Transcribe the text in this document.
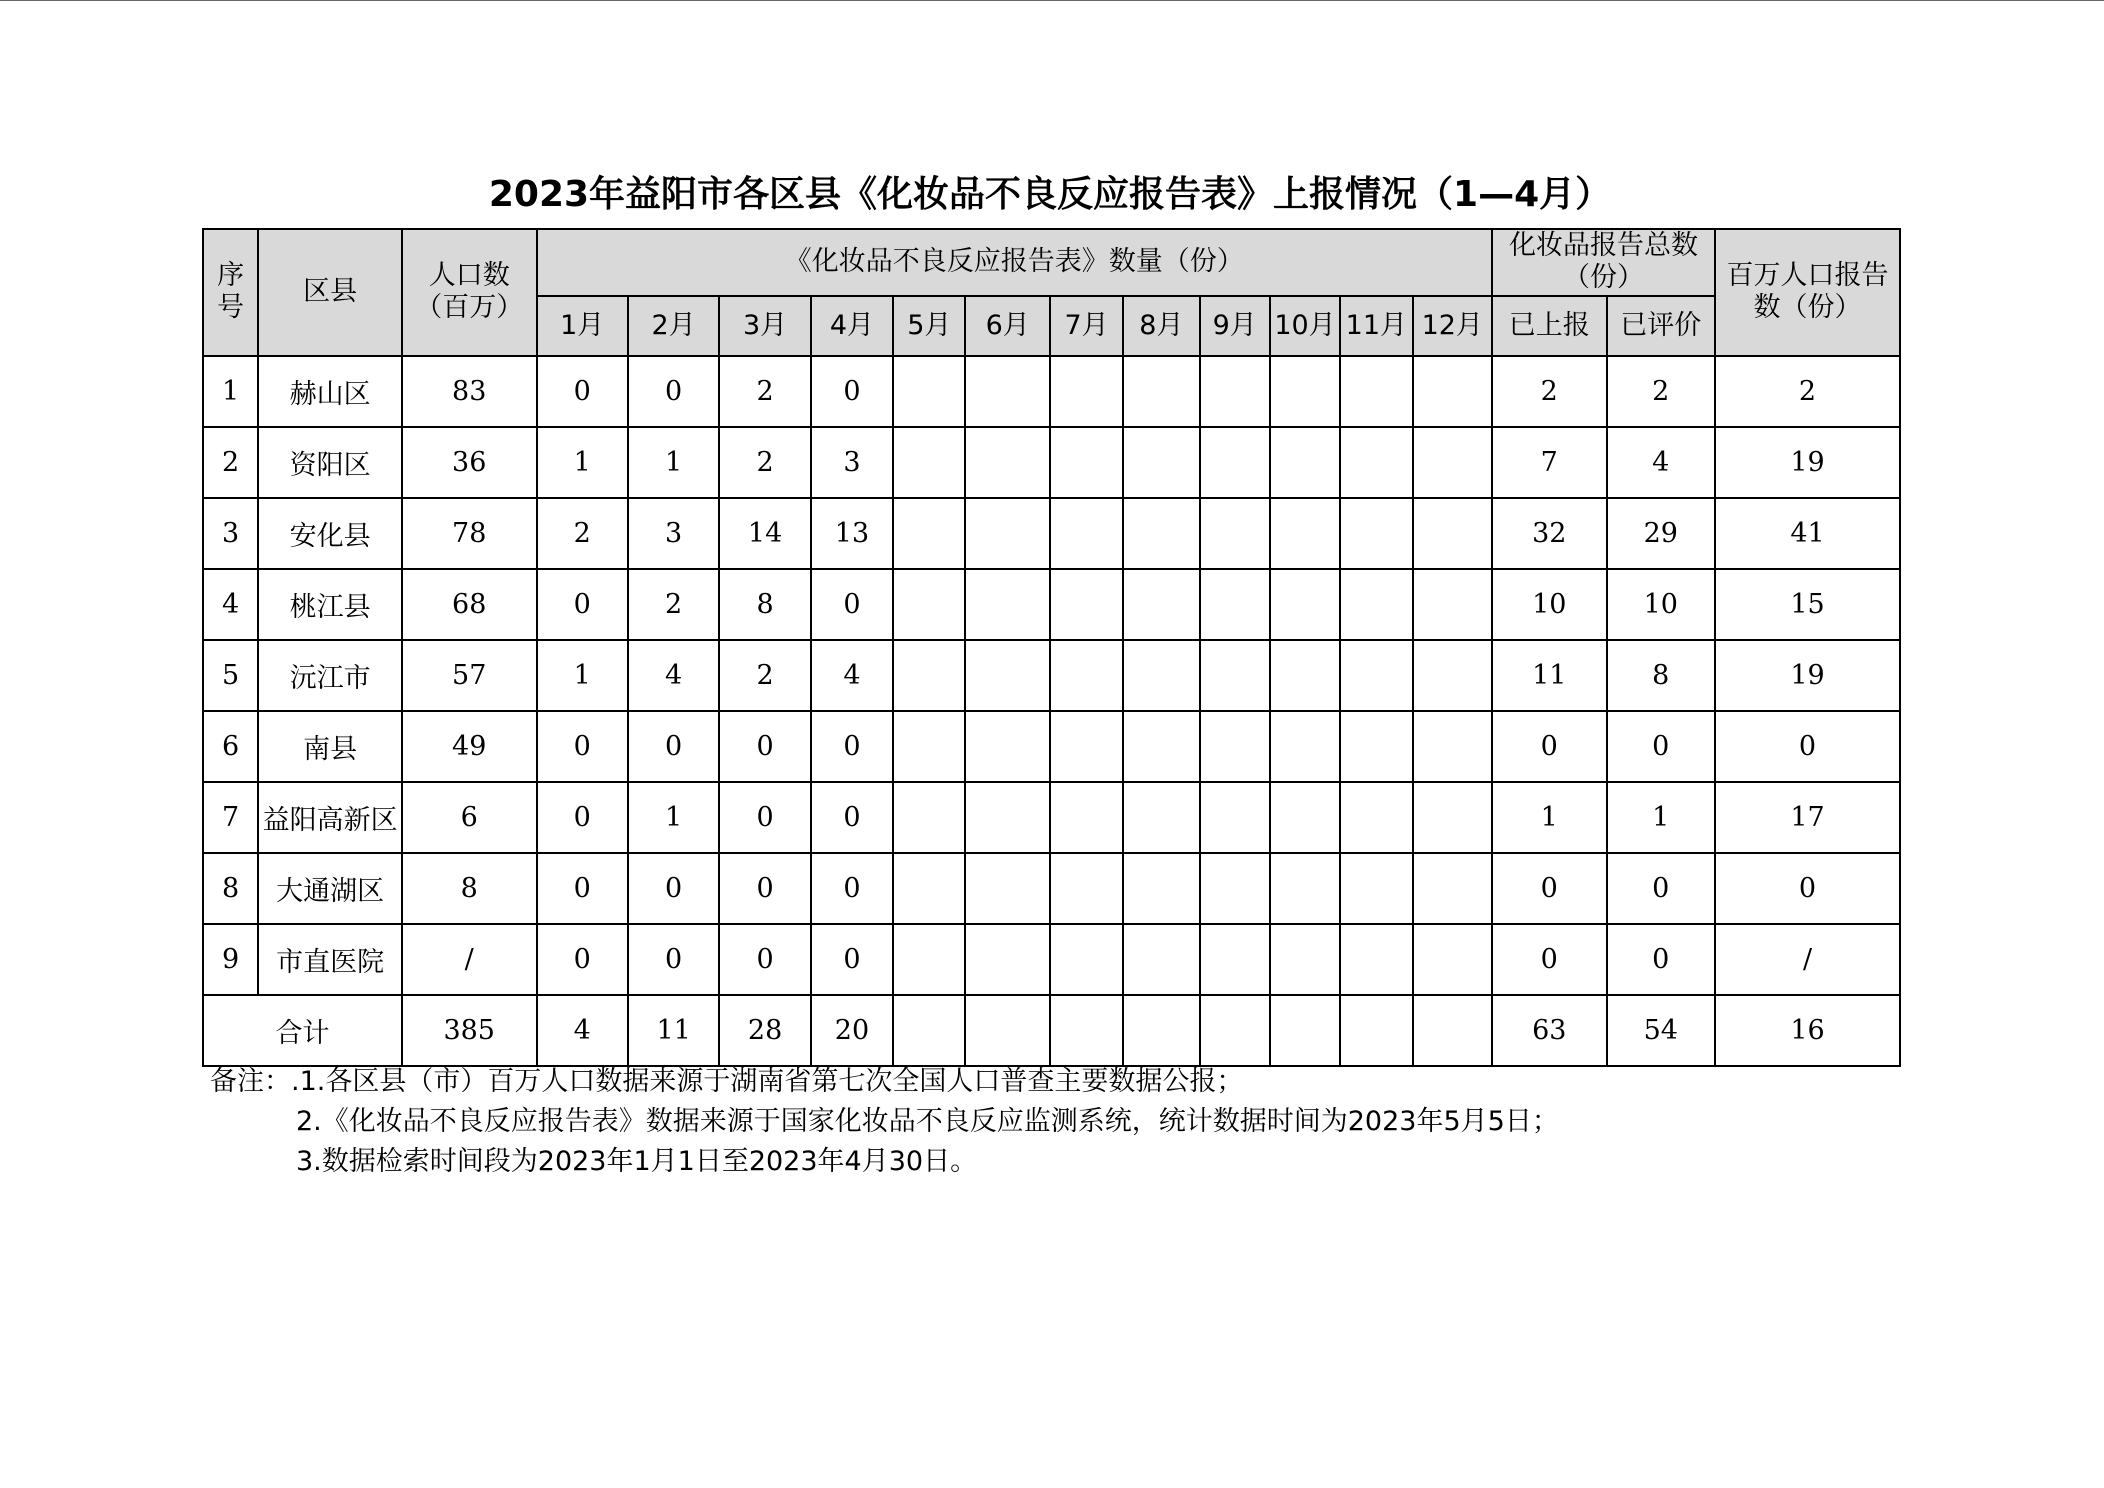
2023年益阳市各区县《化妆品不良反应报告表》上报情况（1—4月）
序号	区县	人口数（百万）	《化妆品不良反应报告表》数量（份）												化妆品报告总数（份）		百万人口报告数（份）
			1月	2月	3月	4月	5月	6月	7月	8月	9月	10月	11月	12月	已上报	已评价	
1	赫山区	83	0	0	2	0									2	2	2
2	资阳区	36	1	1	2	3									7	4	19
3	安化县	78	2	3	14	13									32	29	41
4	桃江县	68	0	2	8	0									10	10	15
5	沅江市	57	1	4	2	4									11	8	19
6	南县	49	0	0	0	0									0	0	0
7	益阳高新区	6	0	1	0	0									1	1	17
8	大通湖区	8	0	0	0	0									0	0	0
9	市直医院	/	0	0	0	0									0	0	/
合计		385	4	11	28	20									63	54	16
备注：.1.各区县（市）百万人口数据来源于湖南省第七次全国人口普查主要数据公报；
2.《化妆品不良反应报告表》数据来源于国家化妆品不良反应监测系统，统计数据时间为2023年5月5日；
3.数据检索时间段为2023年1月1日至2023年4月30日。
